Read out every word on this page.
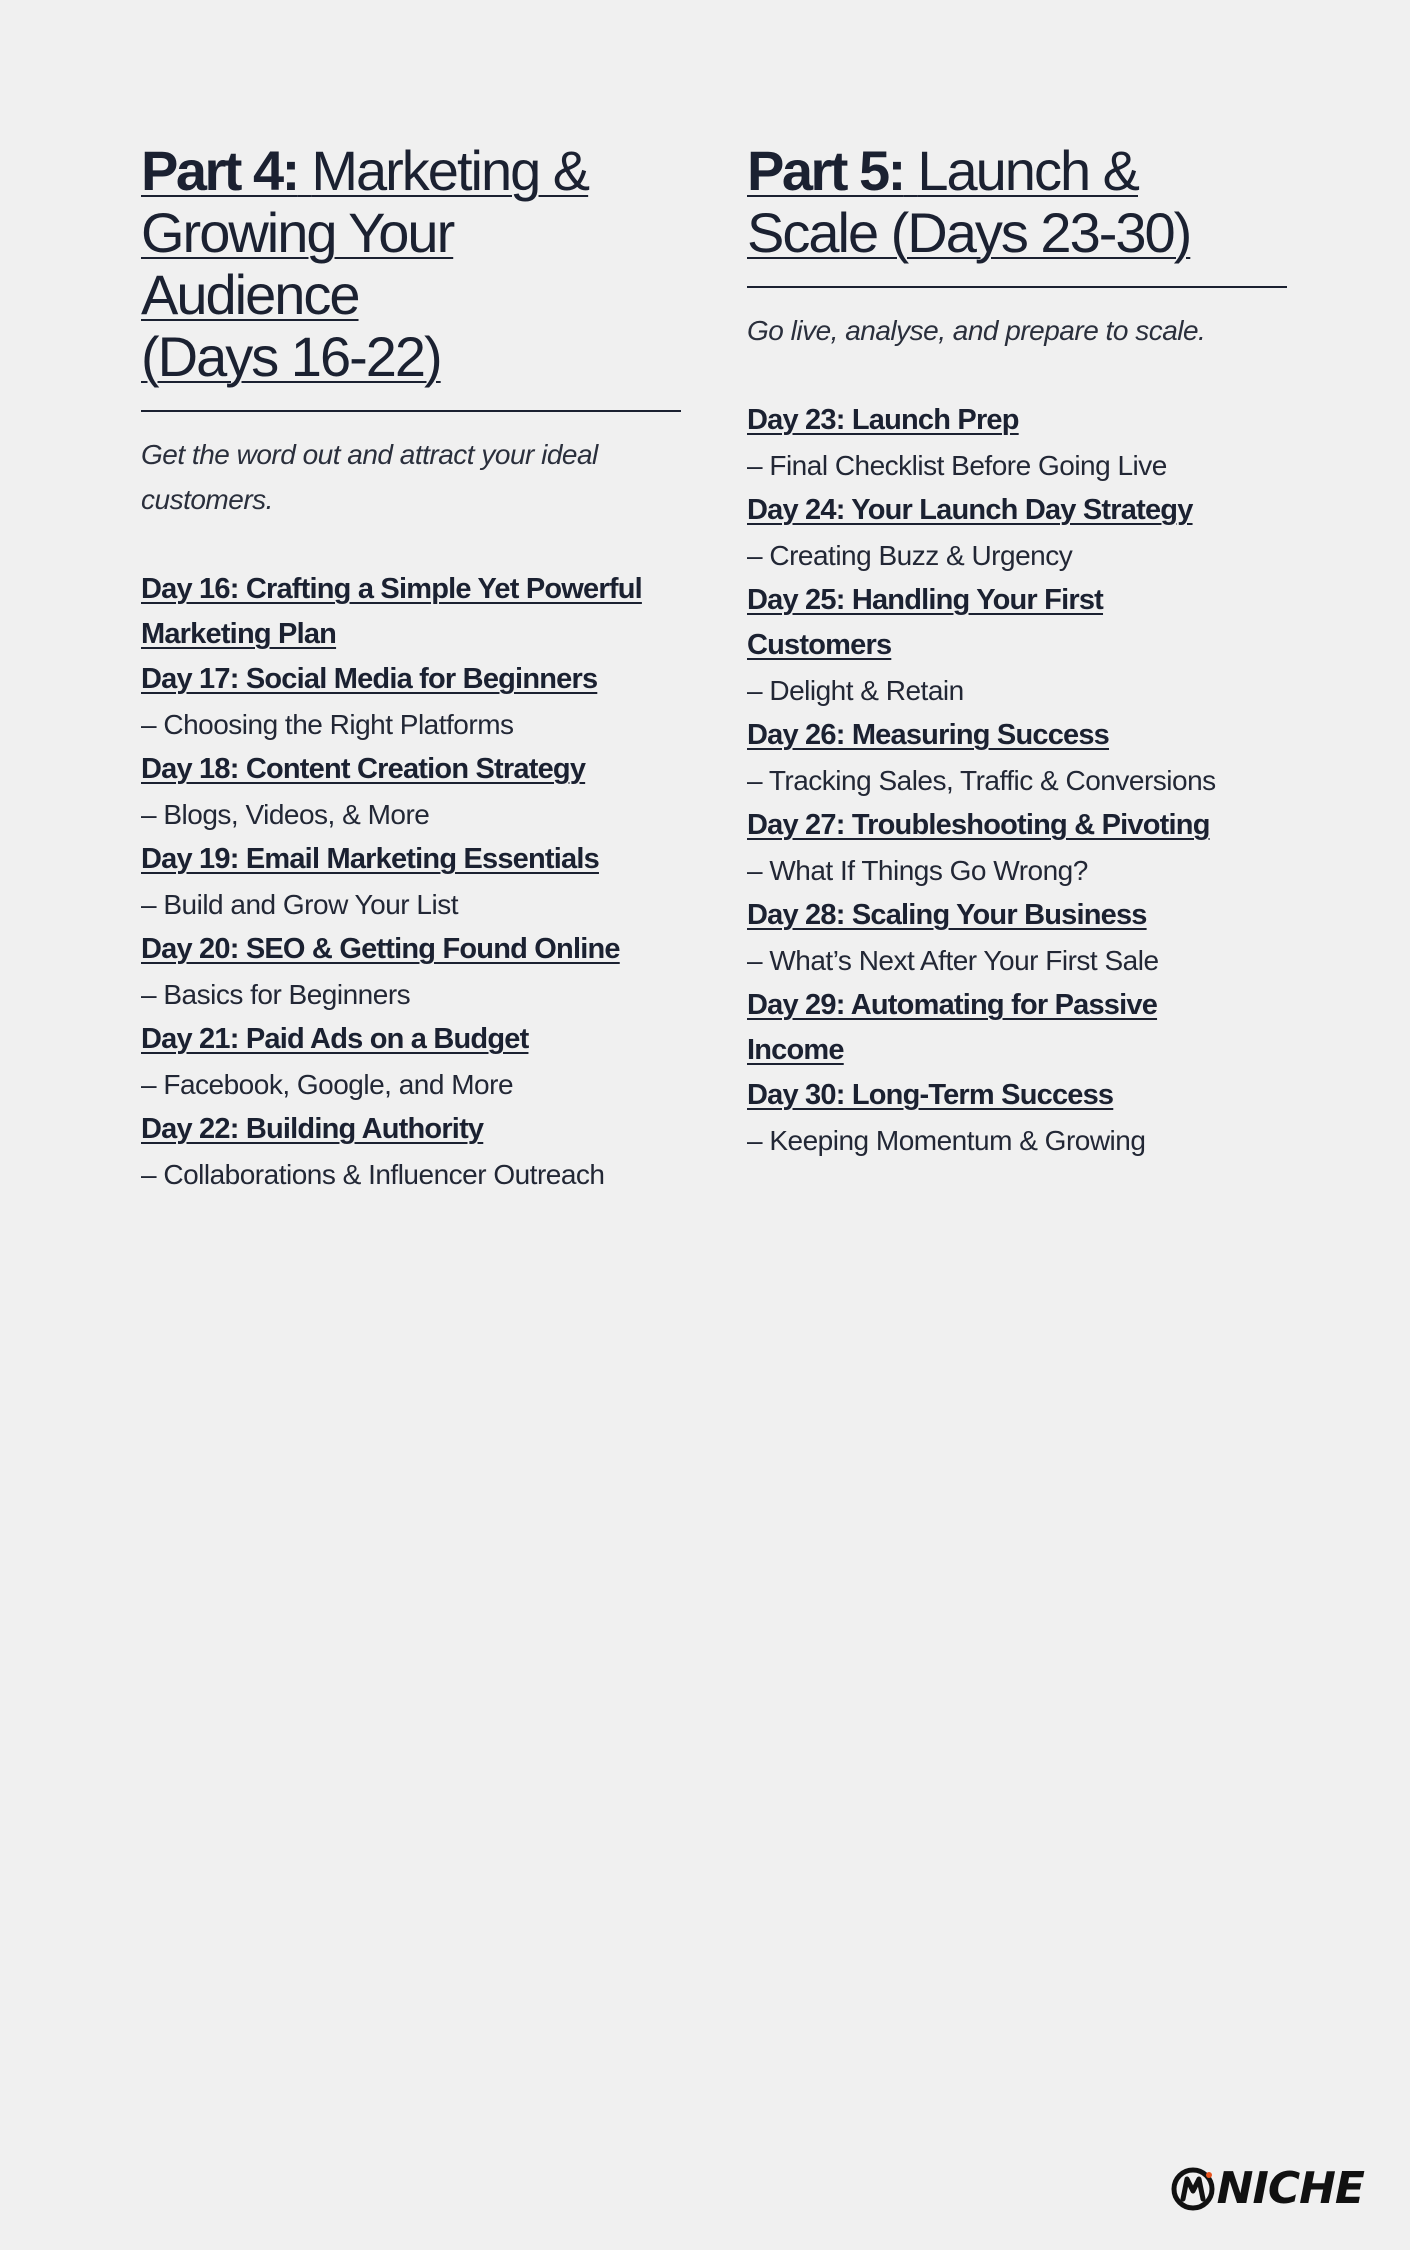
Part 4: Marketing &
Growing Your
Audience
(Days 16-22)
Get the word out and attract your ideal customers.
Day 16: Crafting a Simple Yet Powerful Marketing Plan
Day 17: Social Media for Beginners
– Choosing the Right Platforms
Day 18: Content Creation Strategy
– Blogs, Videos, & More
Day 19: Email Marketing Essentials
– Build and Grow Your List
Day 20: SEO & Getting Found Online
– Basics for Beginners
Day 21: Paid Ads on a Budget
– Facebook, Google, and More
Day 22: Building Authority
– Collaborations & Influencer Outreach
Part 5: Launch &
Scale (Days 23-30)
Go live, analyse, and prepare to scale.
Day 23: Launch Prep
– Final Checklist Before Going Live
Day 24: Your Launch Day Strategy
– Creating Buzz & Urgency
Day 25: Handling Your First Customers
– Delight & Retain
Day 26: Measuring Success
– Tracking Sales, Traffic & Conversions
Day 27: Troubleshooting & Pivoting
– What If Things Go Wrong?
Day 28: Scaling Your Business
– What’s Next After Your First Sale
Day 29: Automating for Passive Income
Day 30: Long-Term Success
– Keeping Momentum & Growing
NICHE
